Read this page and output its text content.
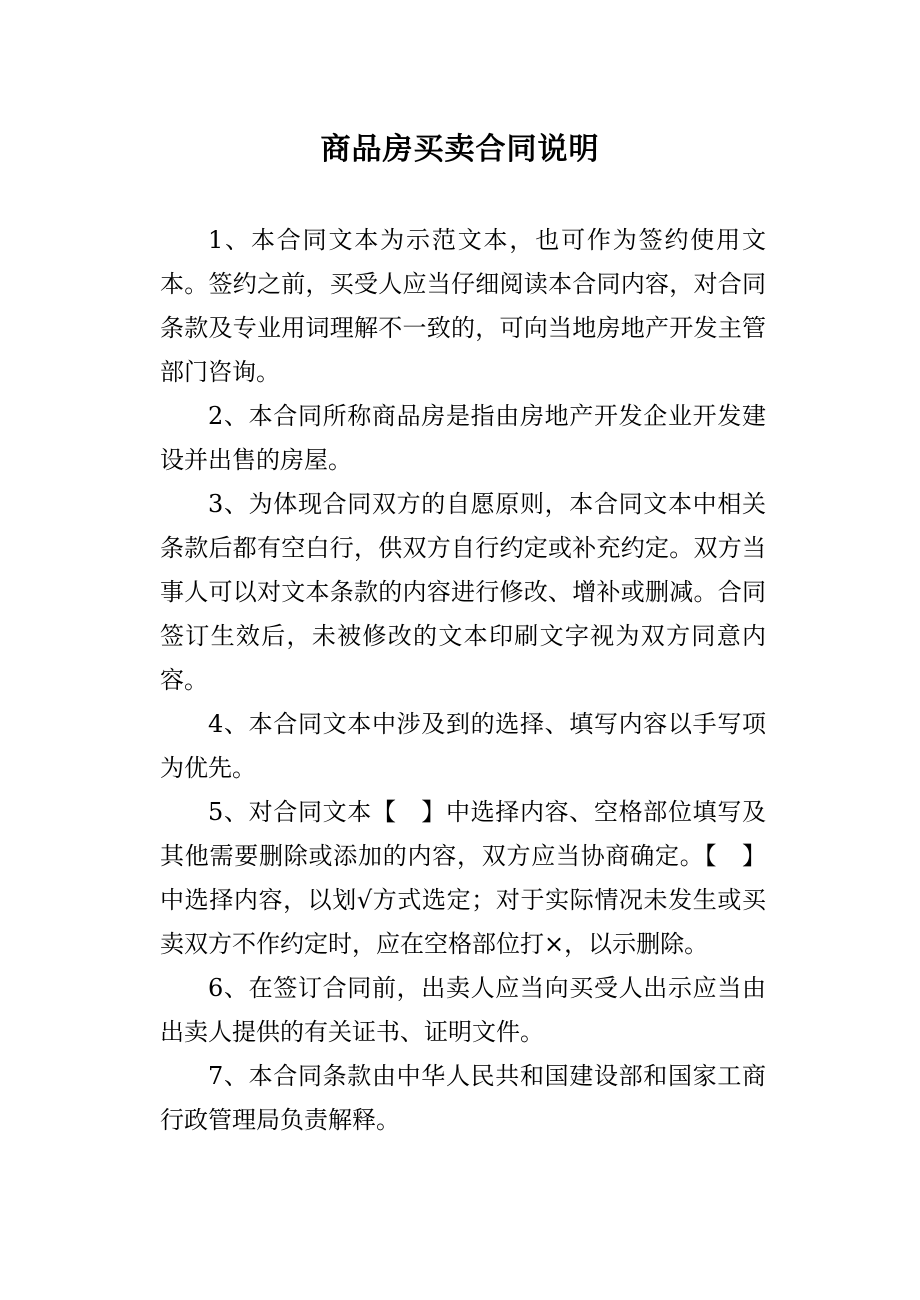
商品房买卖合同说明

1、本合同文本为示范文本，也可作为签约使用文本。签约之前，买受人应当仔细阅读本合同内容，对合同条款及专业用词理解不一致的，可向当地房地产开发主管部门咨询。

2、本合同所称商品房是指由房地产开发企业开发建设并出售的房屋。

3、为体现合同双方的自愿原则，本合同文本中相关条款后都有空白行，供双方自行约定或补充约定。双方当事人可以对文本条款的内容进行修改、增补或删减。合同签订生效后，未被修改的文本印刷文字视为双方同意内容。

4、本合同文本中涉及到的选择、填写内容以手写项为优先。

5、对合同文本【　】中选择内容、空格部位填写及其他需要删除或添加的内容，双方应当协商确定。【　】中选择内容，以划√方式选定；对于实际情况未发生或买卖双方不作约定时，应在空格部位打×，以示删除。

6、在签订合同前，出卖人应当向买受人出示应当由出卖人提供的有关证书、证明文件。

7、本合同条款由中华人民共和国建设部和国家工商行政管理局负责解释。
